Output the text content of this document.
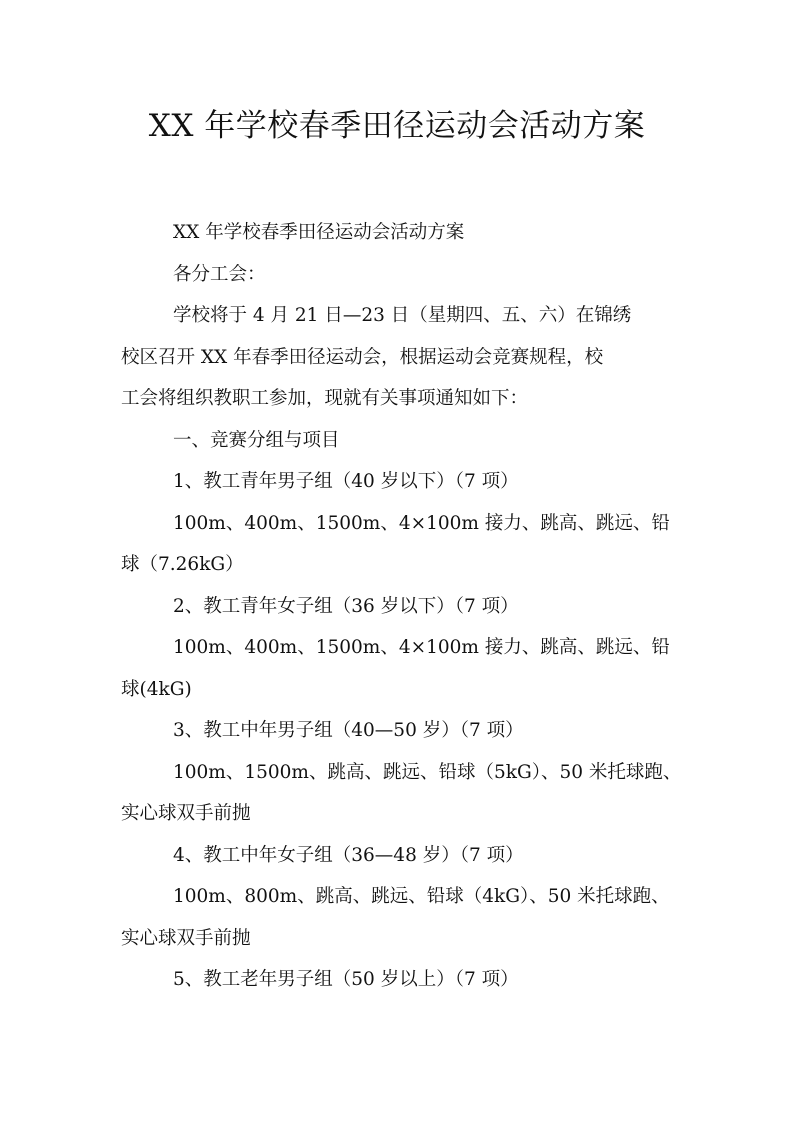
XX 年学校春季田径运动会活动方案

XX 年学校春季田径运动会活动方案

各分工会：

学校将于 4 月 21 日—23 日（星期四、五、六）在锦绣

校区召开 XX 年春季田径运动会，根据运动会竞赛规程，校

工会将组织教职工参加，现就有关事项通知如下：

一、竞赛分组与项目

1、教工青年男子组（40 岁以下）（7 项）

100m、400m、1500m、4×100m 接力、跳高、跳远、铅

球（7.26kG）

2、教工青年女子组（36 岁以下）（7 项）

100m、400m、1500m、4×100m 接力、跳高、跳远、铅

球(4kG)

3、教工中年男子组（40—50 岁）（7 项）

100m、1500m、跳高、跳远、铅球（5kG）、50 米托球跑、

实心球双手前抛

4、教工中年女子组（36—48 岁）（7 项）

100m、800m、跳高、跳远、铅球（4kG）、50 米托球跑、

实心球双手前抛

5、教工老年男子组（50 岁以上）（7 项）
